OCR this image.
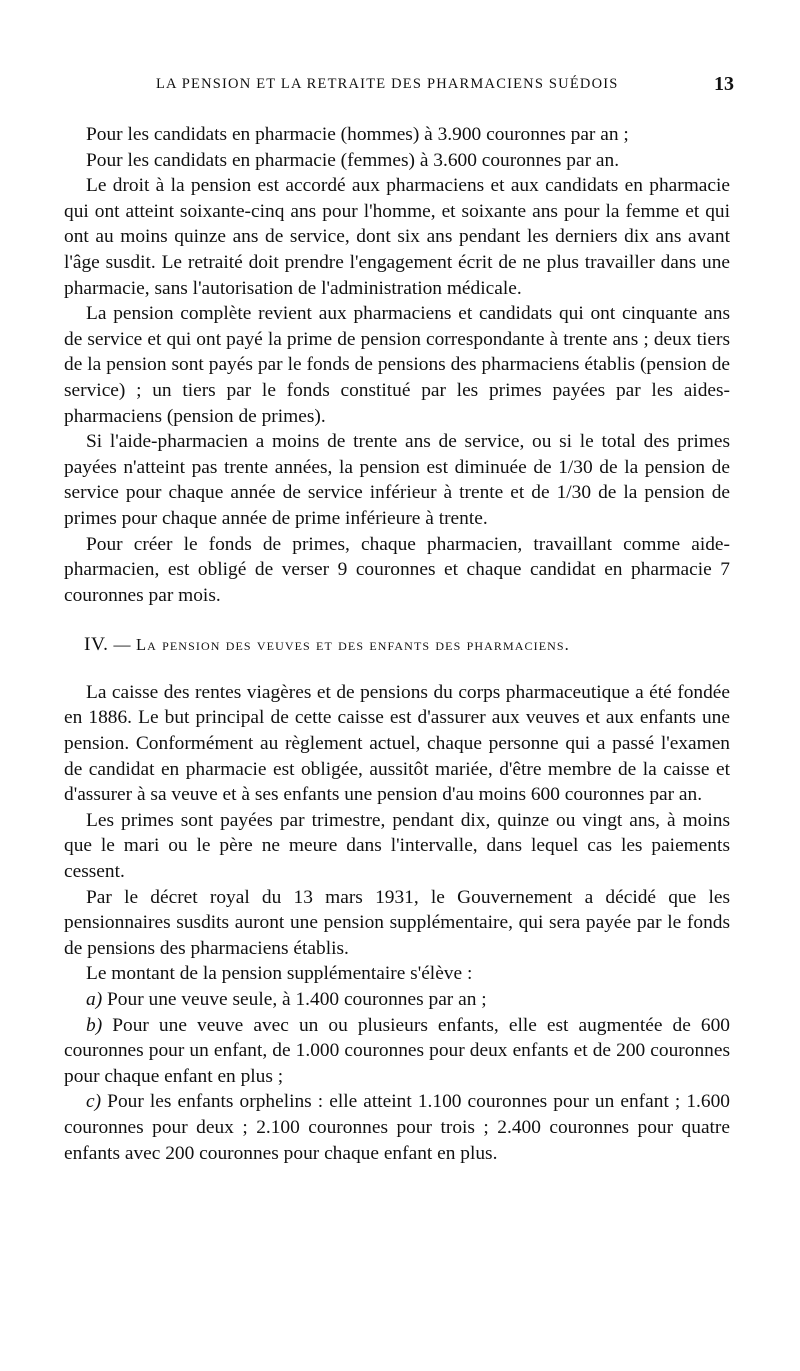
LA PENSION ET LA RETRAITE DES PHARMACIENS SUÉDOIS	13

Pour les candidats en pharmacie (hommes) à 3.900 couronnes par an ;

Pour les candidats en pharmacie (femmes) à 3.600 couronnes par an.

Le droit à la pension est accordé aux pharmaciens et aux candidats en pharmacie qui ont atteint soixante-cinq ans pour l'homme, et soixante ans pour la femme et qui ont au moins quinze ans de service, dont six ans pendant les derniers dix ans avant l'âge susdit. Le retraité doit prendre l'engagement écrit de ne plus travailler dans une pharmacie, sans l'autorisation de l'administration médicale.

La pension complète revient aux pharmaciens et candidats qui ont cinquante ans de service et qui ont payé la prime de pension correspondante à trente ans ; deux tiers de la pension sont payés par le fonds de pensions des pharmaciens établis (pension de service) ; un tiers par le fonds constitué par les primes payées par les aides-pharmaciens (pension de primes).

Si l'aide-pharmacien a moins de trente ans de service, ou si le total des primes payées n'atteint pas trente années, la pension est diminuée de 1/30 de la pension de service pour chaque année de service inférieur à trente et de 1/30 de la pension de primes pour chaque année de prime inférieure à trente.

Pour créer le fonds de primes, chaque pharmacien, travaillant comme aide-pharmacien, est obligé de verser 9 couronnes et chaque candidat en pharmacie 7 couronnes par mois.

IV. — La pension des veuves et des enfants des pharmaciens.

La caisse des rentes viagères et de pensions du corps pharmaceutique a été fondée en 1886. Le but principal de cette caisse est d'assurer aux veuves et aux enfants une pension. Conformément au règlement actuel, chaque personne qui a passé l'examen de candidat en pharmacie est obligée, aussitôt mariée, d'être membre de la caisse et d'assurer à sa veuve et à ses enfants une pension d'au moins 600 couronnes par an.

Les primes sont payées par trimestre, pendant dix, quinze ou vingt ans, à moins que le mari ou le père ne meure dans l'intervalle, dans lequel cas les paiements cessent.

Par le décret royal du 13 mars 1931, le Gouvernement a décidé que les pensionnaires susdits auront une pension supplémentaire, qui sera payée par le fonds de pensions des pharmaciens établis.

Le montant de la pension supplémentaire s'élève :

a) Pour une veuve seule, à 1.400 couronnes par an ;

b) Pour une veuve avec un ou plusieurs enfants, elle est augmentée de 600 couronnes pour un enfant, de 1.000 couronnes pour deux enfants et de 200 couronnes pour chaque enfant en plus ;

c) Pour les enfants orphelins : elle atteint 1.100 couronnes pour un enfant ; 1.600 couronnes pour deux ; 2.100 couronnes pour trois ; 2.400 couronnes pour quatre enfants avec 200 couronnes pour chaque enfant en plus.
